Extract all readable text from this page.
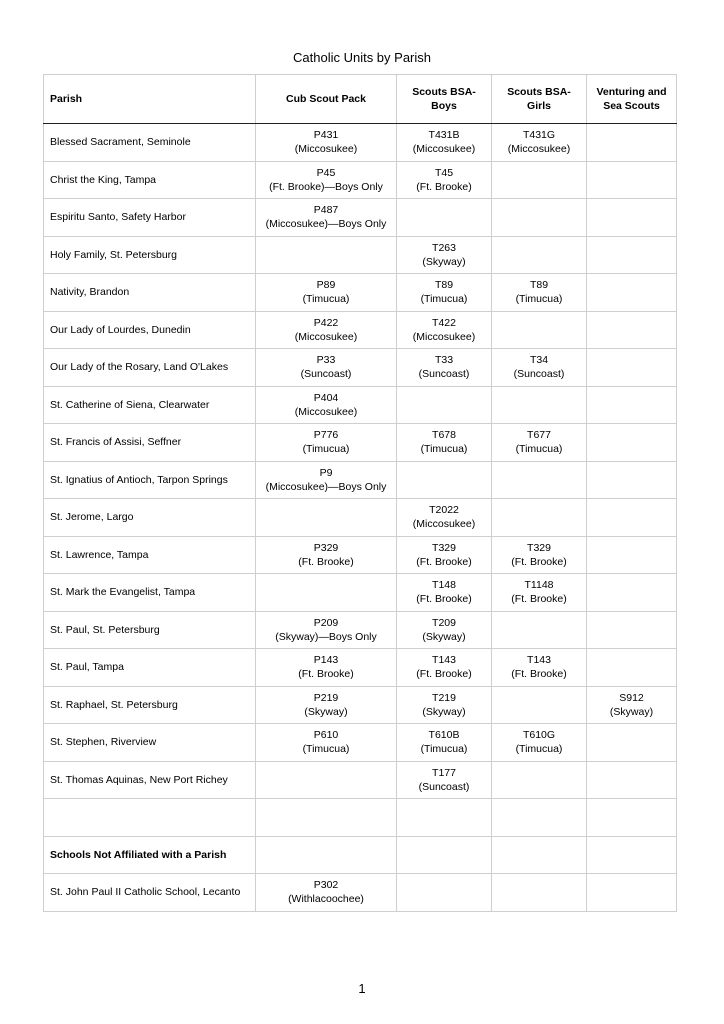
Catholic Units by Parish
Parish	Cub Scout Pack	Scouts BSA-
Boys	Scouts BSA-
Girls	Venturing and
Sea Scouts

Blessed Sacrament, Seminole	P431
(Miccosukee)	T431B
(Miccosukee)	T431G
(Miccosukee)	

Christ the King, Tampa	P45
(Ft. Brooke)—Boys Only	T45
(Ft. Brooke)		

Espiritu Santo, Safety Harbor	P487
(Miccosukee)—Boys Only			

Holy Family, St. Petersburg		T263
(Skyway)		

Nativity, Brandon	P89
(Timucua)	T89
(Timucua)	T89
(Timucua)	

Our Lady of Lourdes, Dunedin	P422
(Miccosukee)	T422
(Miccosukee)		

Our Lady of the Rosary, Land O'Lakes	P33
(Suncoast)	T33
(Suncoast)	T34
(Suncoast)	

St. Catherine of Siena, Clearwater	P404
(Miccosukee)			

St. Francis of Assisi, Seffner	P776
(Timucua)	T678
(Timucua)	T677
(Timucua)	

St. Ignatius of Antioch, Tarpon Springs	P9
(Miccosukee)—Boys Only			

St. Jerome, Largo		T2022
(Miccosukee)		

St. Lawrence, Tampa	P329
(Ft. Brooke)	T329
(Ft. Brooke)	T329
(Ft. Brooke)	

St. Mark the Evangelist, Tampa		T148
(Ft. Brooke)	T1148
(Ft. Brooke)	

St. Paul, St. Petersburg	P209
(Skyway)—Boys Only	T209
(Skyway)		

St. Paul, Tampa	P143
(Ft. Brooke)	T143
(Ft. Brooke)	T143
(Ft. Brooke)	

St. Raphael, St. Petersburg	P219
(Skyway)	T219
(Skyway)		S912
(Skyway)

St. Stephen, Riverview	P610
(Timucua)	T610B
(Timucua)	T610G
(Timucua)	

St. Thomas Aquinas, New Port Richey		T177
(Suncoast)		

Schools Not Affiliated with a Parish	

St. John Paul II Catholic School, Lecanto	P302
(Withlacoochee)			

1
